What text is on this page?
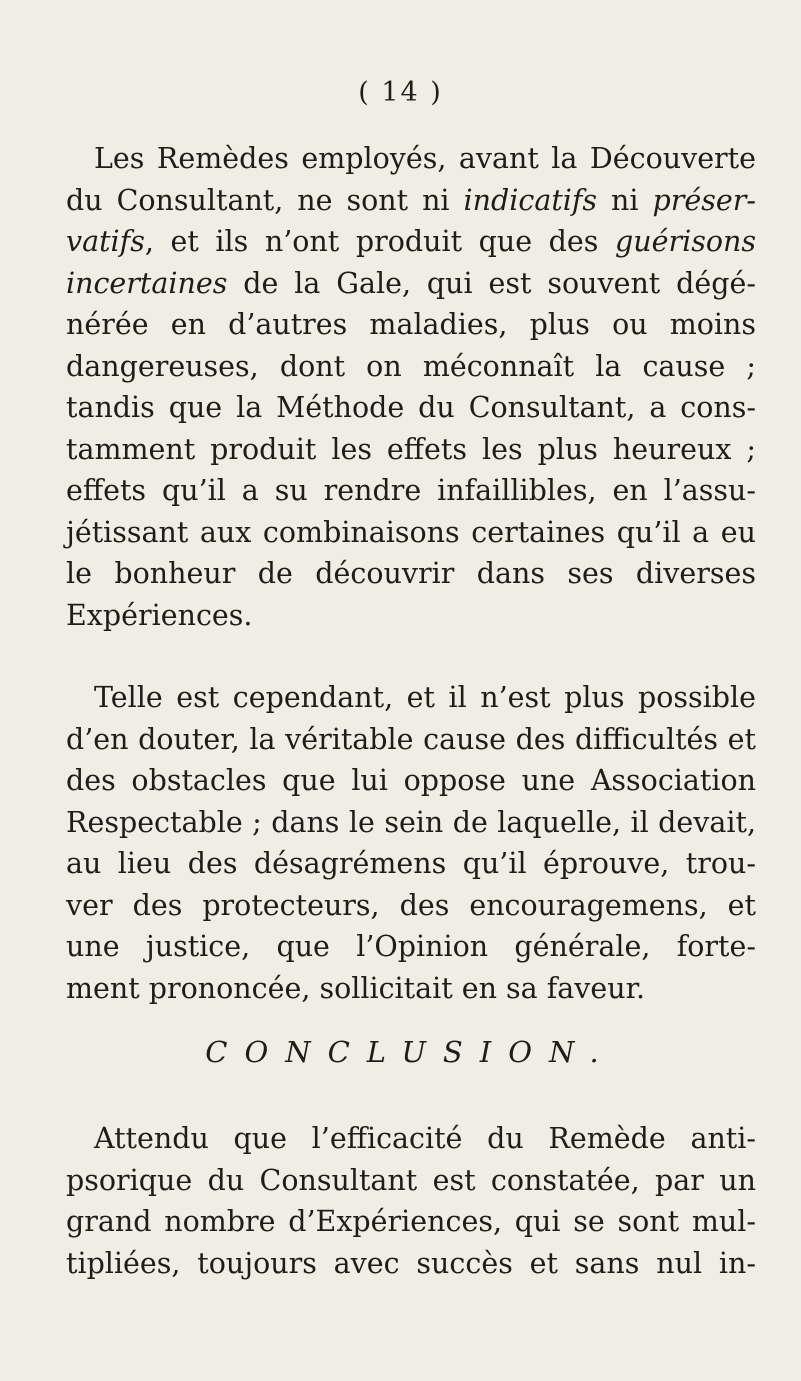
( 14 )
Les Remèdes employés, avant la Découverte
du Consultant, ne sont ni indicatifs ni préser-
vatifs, et ils n’ont produit que des guérisons
incertaines de la Gale, qui est souvent dégé-
nérée en d’autres maladies, plus ou moins
dangereuses, dont on méconnaît la cause ;
tandis que la Méthode du Consultant, a cons-
tamment produit les effets les plus heureux ;
effets qu’il a su rendre infaillibles, en l’assu-
jétissant aux combinaisons certaines qu’il a eu
le bonheur de découvrir dans ses diverses
Expériences.
Telle est cependant, et il n’est plus possible
d’en douter, la véritable cause des difficultés et
des obstacles que lui oppose une Association
Respectable ; dans le sein de laquelle, il devait,
au lieu des désagrémens qu’il éprouve, trou-
ver des protecteurs, des encouragemens, et
une justice, que l’Opinion générale, forte-
ment prononcée, sollicitait en sa faveur.
CONCLUSION.
Attendu que l’efficacité du Remède anti-
psorique du Consultant est constatée, par un
grand nombre d’Expériences, qui se sont mul-
tipliées, toujours avec succès et sans nul in-
